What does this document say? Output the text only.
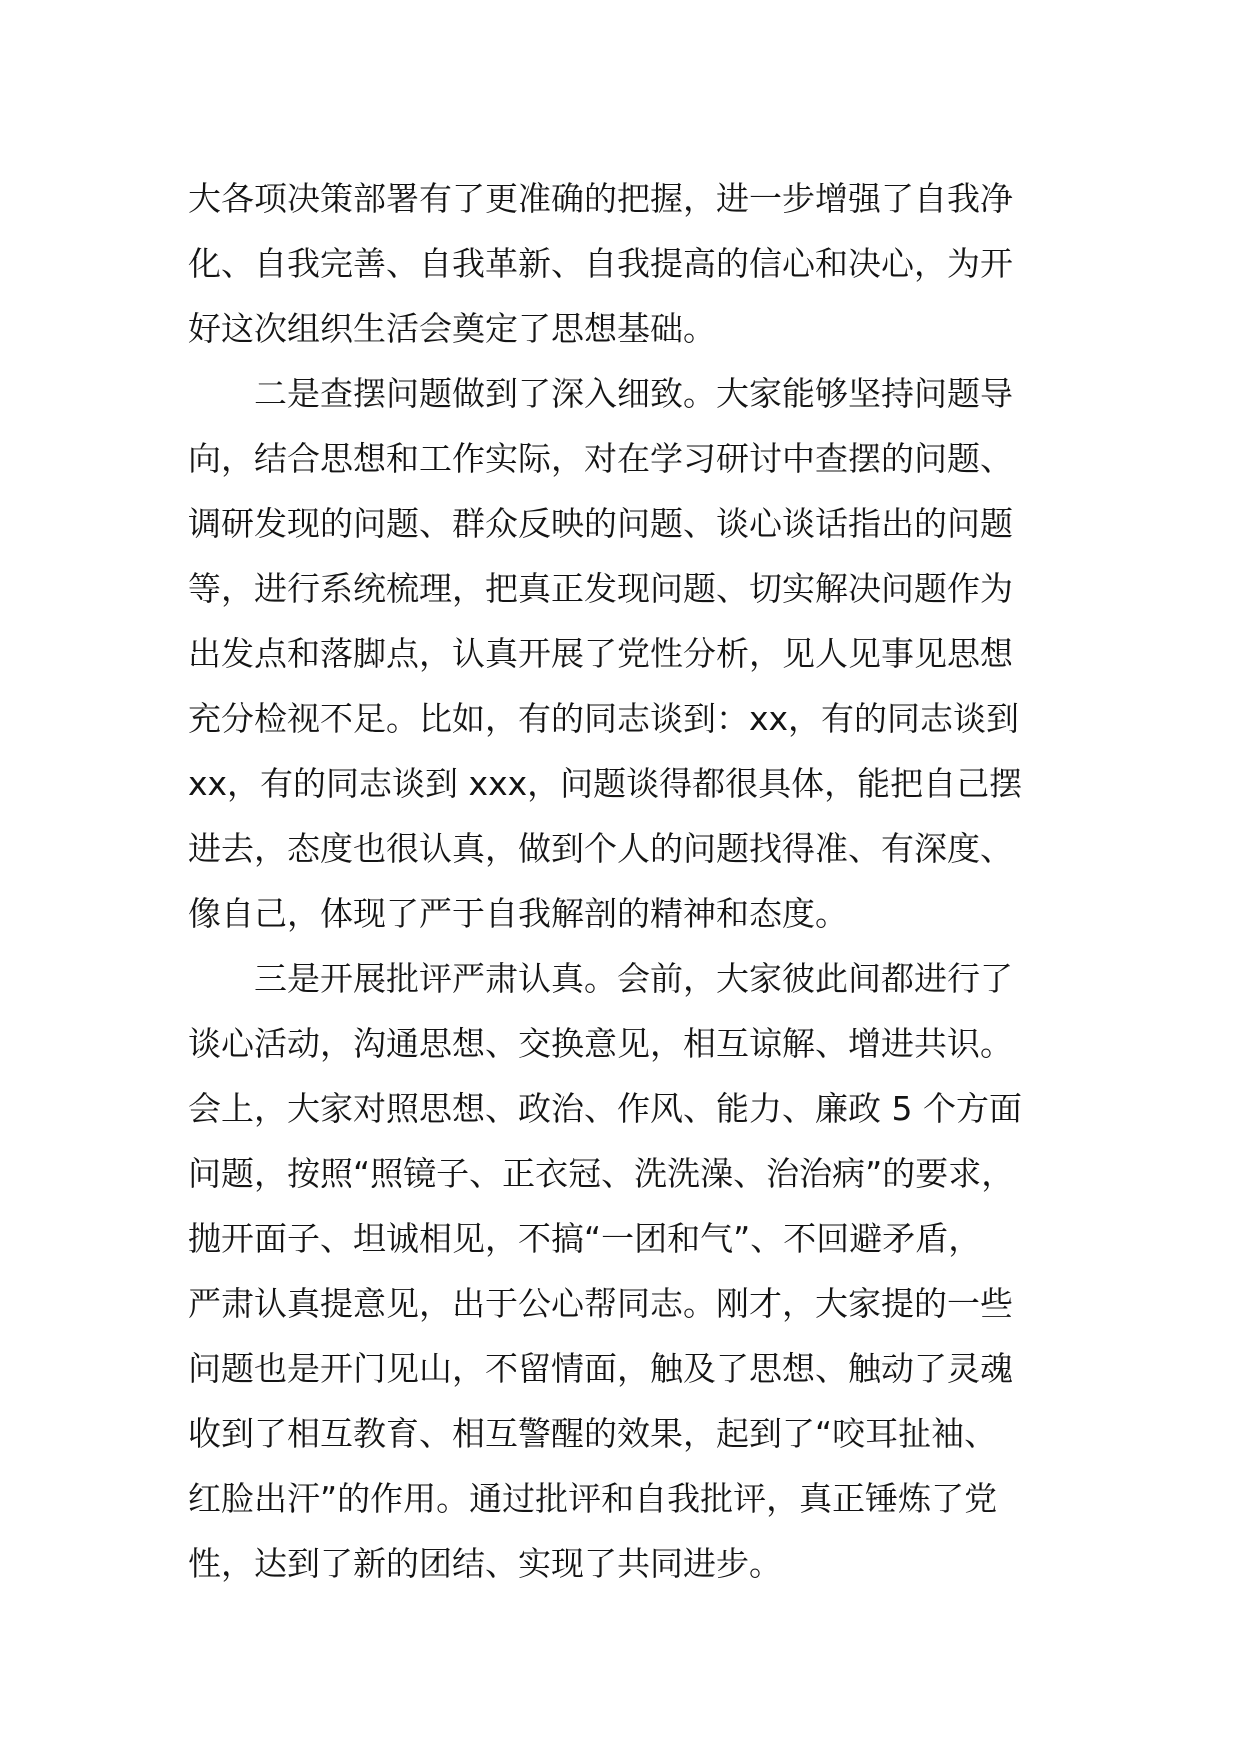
大各项决策部署有了更准确的把握，进一步增强了自我净
化、自我完善、自我革新、自我提高的信心和决心，为开
好这次组织生活会奠定了思想基础。
二是查摆问题做到了深入细致。大家能够坚持问题导
向，结合思想和工作实际，对在学习研讨中查摆的问题、
调研发现的问题、群众反映的问题、谈心谈话指出的问题
等，进行系统梳理，把真正发现问题、切实解决问题作为
出发点和落脚点，认真开展了党性分析，见人见事见思想
充分检视不足。比如，有的同志谈到：xx，有的同志谈到
xx，有的同志谈到 xxx，问题谈得都很具体，能把自己摆
进去，态度也很认真，做到个人的问题找得准、有深度、
像自己，体现了严于自我解剖的精神和态度。
三是开展批评严肃认真。会前，大家彼此间都进行了
谈心活动，沟通思想、交换意见，相互谅解、增进共识。
会上，大家对照思想、政治、作风、能力、廉政 5 个方面
问题，按照“照镜子、正衣冠、洗洗澡、治治病”的要求，
抛开面子、坦诚相见，不搞“一团和气”、不回避矛盾，
严肃认真提意见，出于公心帮同志。刚才，大家提的一些
问题也是开门见山，不留情面，触及了思想、触动了灵魂
收到了相互教育、相互警醒的效果，起到了“咬耳扯袖、
红脸出汗”的作用。通过批评和自我批评，真正锤炼了党
性，达到了新的团结、实现了共同进步。
